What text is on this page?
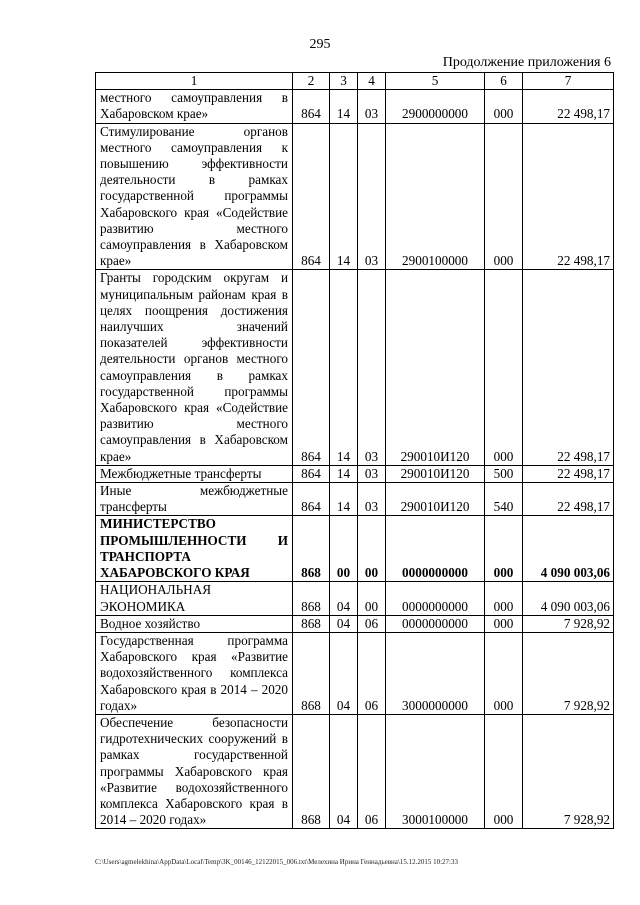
295
Продолжение приложения 6
1	2	3	4	5	6	7
местного самоуправления в Хабаровском крае»	864	14	03	2900000000	000	22 498,17
Стимулирование органов местного самоуправления к повышению эффективности деятельности в рамках государственной программы Хабаровского края «Содействие развитию местного самоуправления в Хабаровском крае»	864	14	03	2900100000	000	22 498,17
Гранты городским округам и муниципальным районам края в целях поощрения достижения наилучших значений показателей эффективности деятельности органов местного самоуправления в рамках государственной программы Хабаровского края «Содействие развитию местного самоуправления в Хабаровском крае»	864	14	03	290010И120	000	22 498,17
Межбюджетные трансферты	864	14	03	290010И120	500	22 498,17
Иные межбюджетные трансферты	864	14	03	290010И120	540	22 498,17
МИНИСТЕРСТВО ПРОМЫШЛЕННОСТИ И ТРАНСПОРТА ХАБАРОВСКОГО КРАЯ	868	00	00	0000000000	000	4 090 003,06
НАЦИОНАЛЬНАЯ ЭКОНОМИКА	868	04	00	0000000000	000	4 090 003,06
Водное хозяйство	868	04	06	0000000000	000	7 928,92
Государственная программа Хабаровского края «Развитие водохозяйственного комплекса Хабаровского края в 2014 – 2020 годах»	868	04	06	3000000000	000	7 928,92
Обеспечение безопасности гидротехнических сооружений в рамках государственной программы Хабаровского края «Развитие водохозяйственного комплекса Хабаровского края в 2014 – 2020 годах»	868	04	06	3000100000	000	7 928,92
C:\Users\agmelekhina\AppData\Local\Temp\3K_00146_12122015_006.txt\Мелехина Ирина Геннадьевна\15.12.2015 10:27:33
